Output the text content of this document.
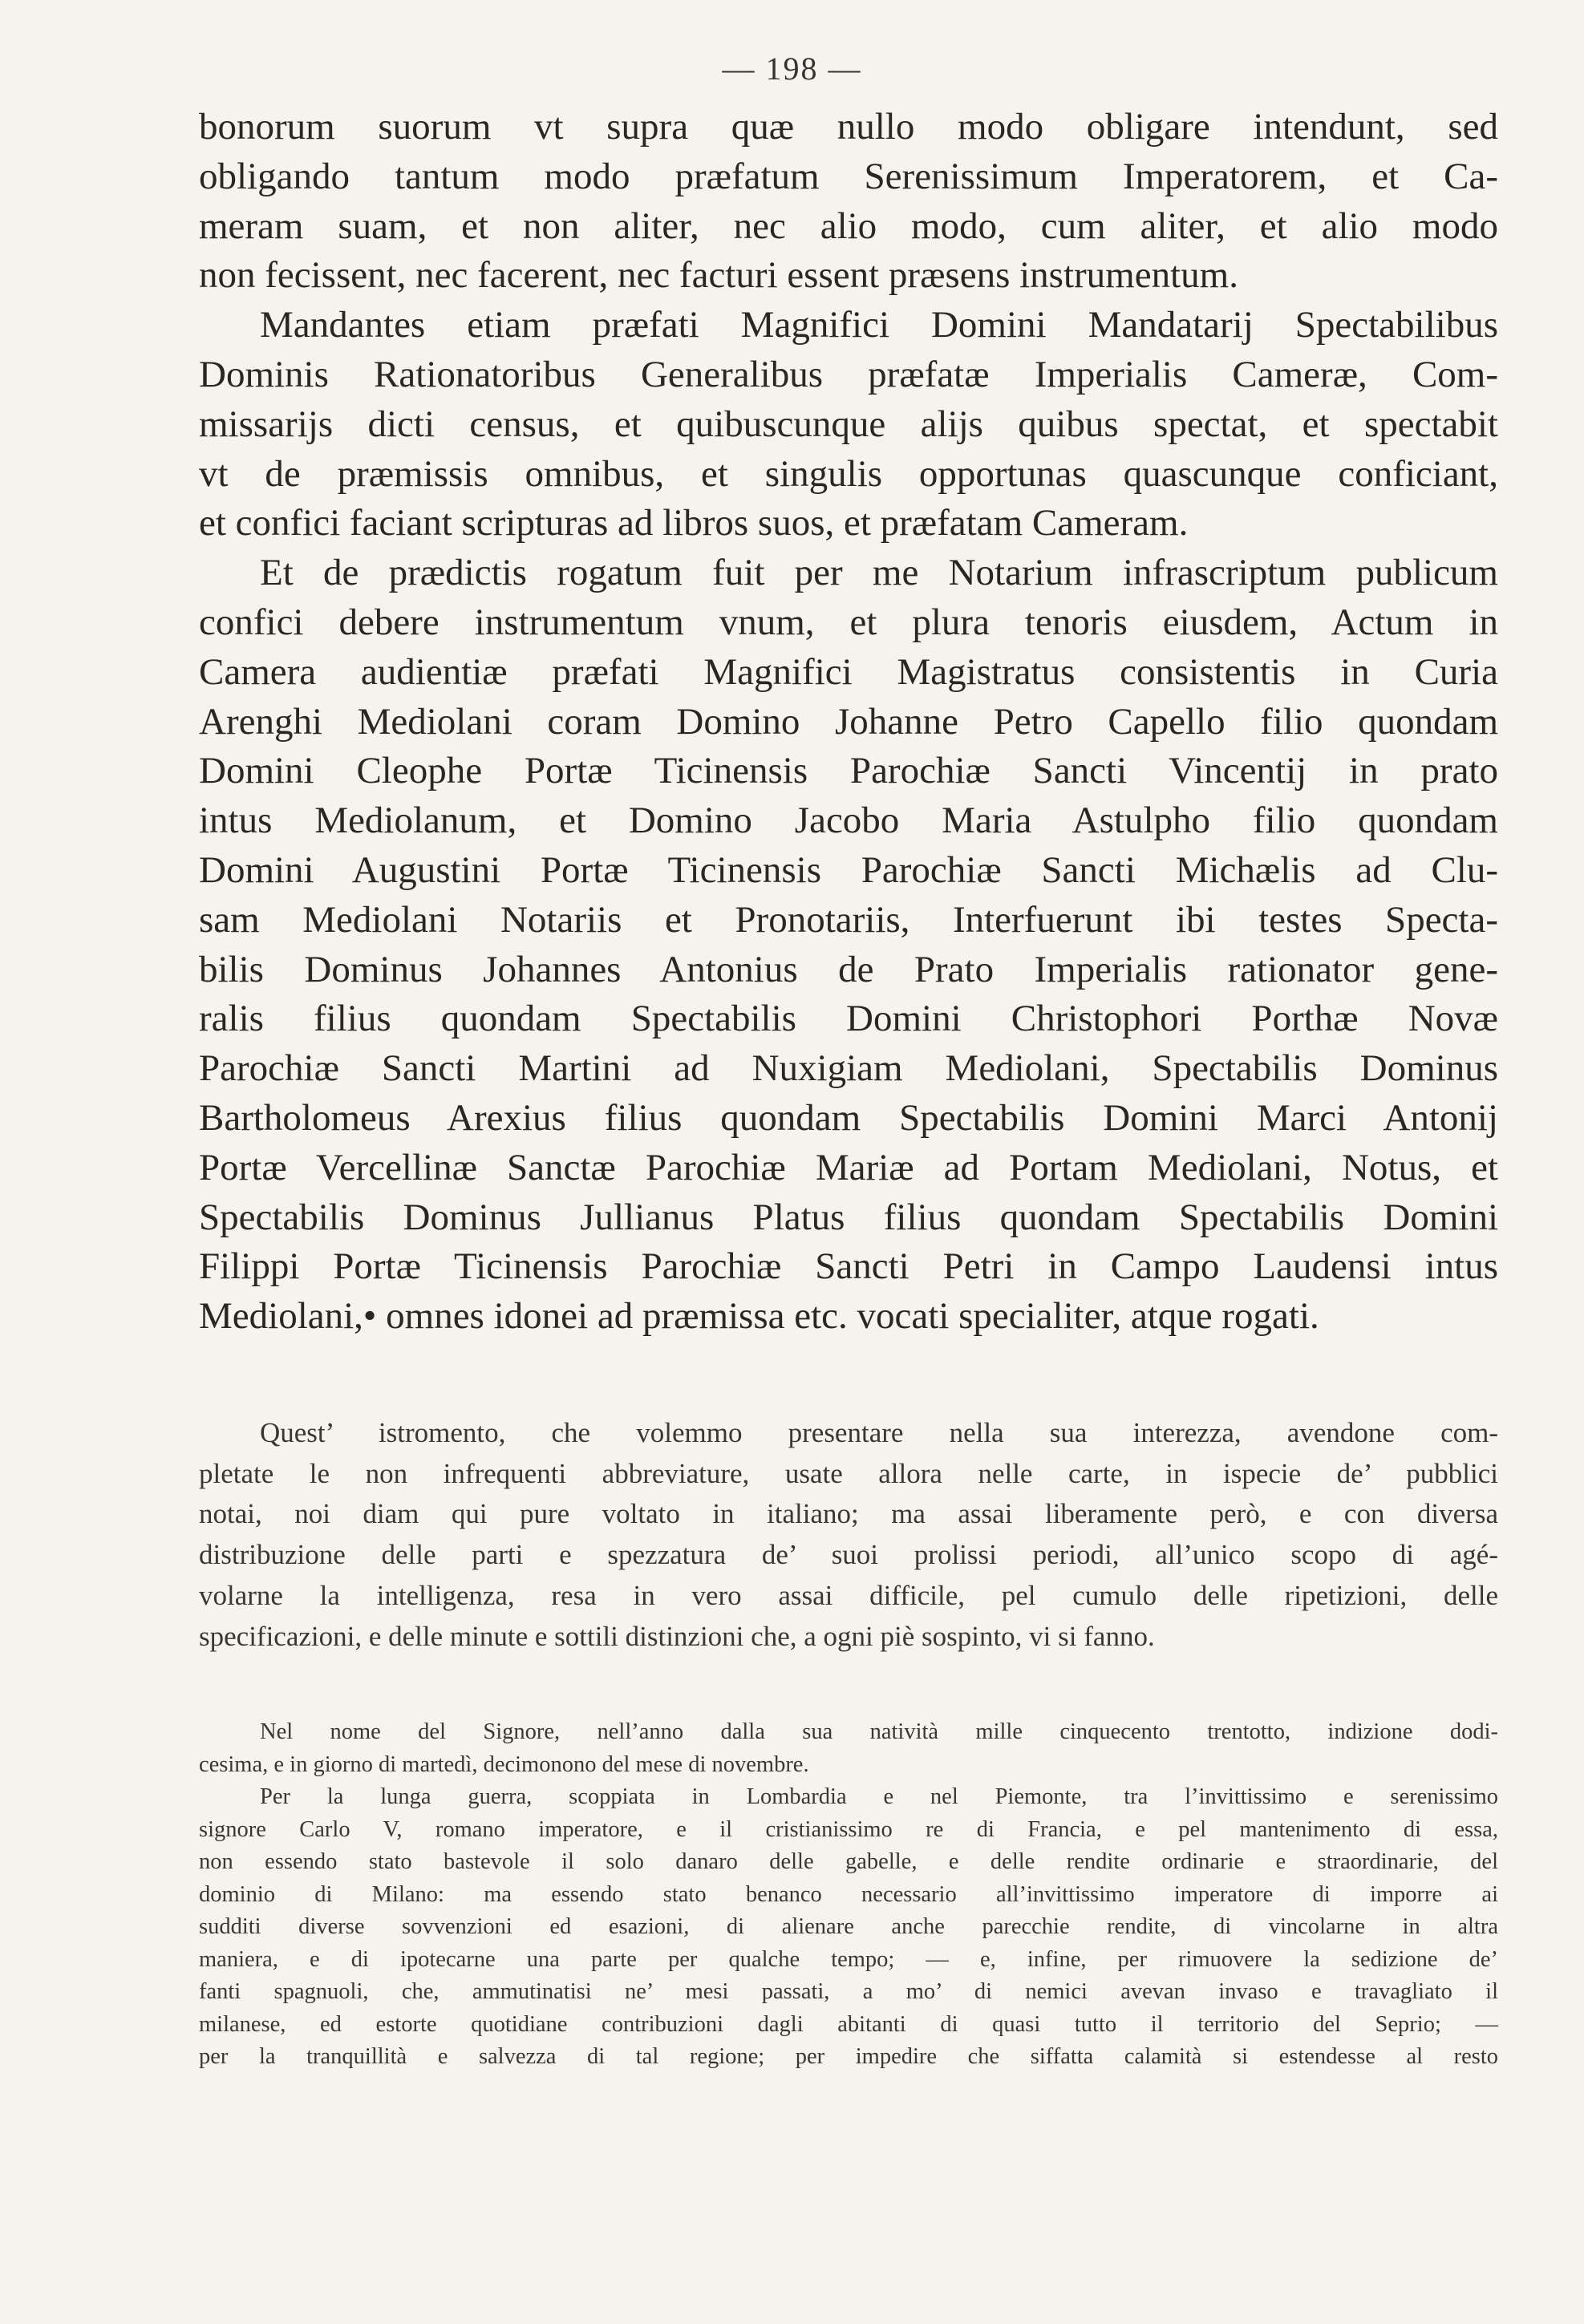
— 198 —
bonorum suorum vt supra quæ nullo modo obligare intendunt, sed
obligando tantum modo præfatum Serenissimum Imperatorem, et Ca-
meram suam, et non aliter, nec alio modo, cum aliter, et alio modo
non fecissent, nec facerent, nec facturi essent præsens instrumentum.
Mandantes etiam præfati Magnifici Domini Mandatarij Spectabilibus
Dominis Rationatoribus Generalibus præfatæ Imperialis Cameræ, Com-
missarijs dicti census, et quibuscunque alijs quibus spectat, et spectabit
vt de præmissis omnibus, et singulis opportunas quascunque conficiant,
et confici faciant scripturas ad libros suos, et præfatam Cameram.
Et de prædictis rogatum fuit per me Notarium infrascriptum publicum
confici debere instrumentum vnum, et plura tenoris eiusdem, Actum in
Camera audientiæ præfati Magnifici Magistratus consistentis in Curia
Arenghi Mediolani coram Domino Johanne Petro Capello filio quondam
Domini Cleophe Portæ Ticinensis Parochiæ Sancti Vincentij in prato
intus Mediolanum, et Domino Jacobo Maria Astulpho filio quondam
Domini Augustini Portæ Ticinensis Parochiæ Sancti Michælis ad Clu-
sam Mediolani Notariis et Pronotariis, Interfuerunt ibi testes Specta-
bilis Dominus Johannes Antonius de Prato Imperialis rationator gene-
ralis filius quondam Spectabilis Domini Christophori Porthæ Novæ
Parochiæ Sancti Martini ad Nuxigiam Mediolani, Spectabilis Dominus
Bartholomeus Arexius filius quondam Spectabilis Domini Marci Antonij
Portæ Vercellinæ Sanctæ Parochiæ Mariæ ad Portam Mediolani, Notus, et
Spectabilis Dominus Jullianus Platus filius quondam Spectabilis Domini
Filippi Portæ Ticinensis Parochiæ Sancti Petri in Campo Laudensi intus
Mediolani,• omnes idonei ad præmissa etc. vocati specialiter, atque rogati.
Quest’ istromento, che volemmo presentare nella sua interezza, avendone com-
pletate le non infrequenti abbreviature, usate allora nelle carte, in ispecie de’ pubblici
notai, noi diam qui pure voltato in italiano; ma assai liberamente però, e con diversa
distribuzione delle parti e spezzatura de’ suoi prolissi periodi, all’unico scopo di agé-
volarne la intelligenza, resa in vero assai difficile, pel cumulo delle ripetizioni, delle
specificazioni, e delle minute e sottili distinzioni che, a ogni piè sospinto, vi si fanno.
Nel nome del Signore, nell’anno dalla sua natività mille cinquecento trentotto, indizione dodi-
cesima, e in giorno di martedì, decimonono del mese di novembre.
Per la lunga guerra, scoppiata in Lombardia e nel Piemonte, tra l’invittissimo e serenissimo
signore Carlo V, romano imperatore, e il cristianissimo re di Francia, e pel mantenimento di essa,
non essendo stato bastevole il solo danaro delle gabelle, e delle rendite ordinarie e straordinarie, del
dominio di Milano: ma essendo stato benanco necessario all’invittissimo imperatore di imporre ai
sudditi diverse sovvenzioni ed esazioni, di alienare anche parecchie rendite, di vincolarne in altra
maniera, e di ipotecarne una parte per qualche tempo; — e, infine, per rimuovere la sedizione de’
fanti spagnuoli, che, ammutinatisi ne’ mesi passati, a mo’ di nemici avevan invaso e travagliato il
milanese, ed estorte quotidiane contribuzioni dagli abitanti di quasi tutto il territorio del Seprio; —
per la tranquillità e salvezza di tal regione; per impedire che siffatta calamità si estendesse al resto
